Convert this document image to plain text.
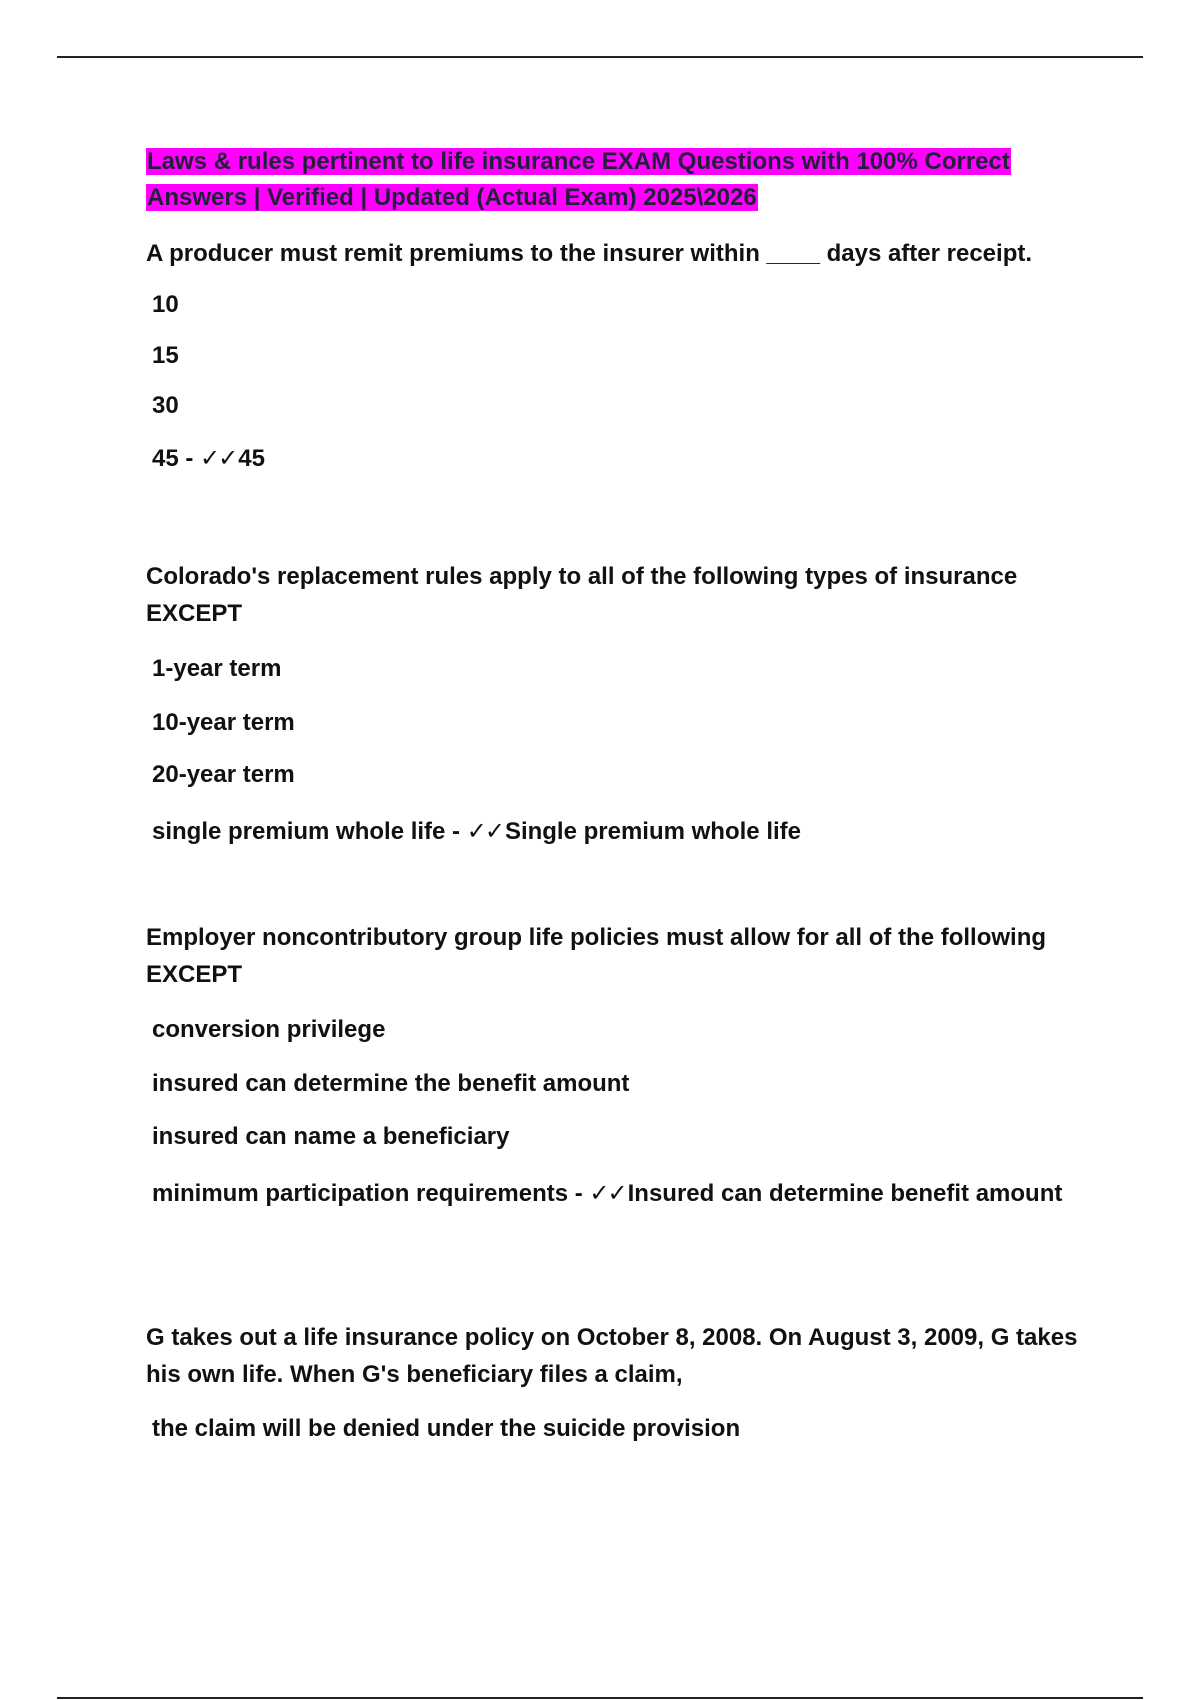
Laws & rules pertinent to life insurance EXAM Questions with 100% Correct Answers | Verified | Updated (Actual Exam) 2025\2026
A producer must remit premiums to the insurer within ____ days after receipt.
10
15
30
45 - ✓✓45
Colorado's replacement rules apply to all of the following types of insurance EXCEPT
1-year term
10-year term
20-year term
single premium whole life - ✓✓Single premium whole life
Employer noncontributory group life policies must allow for all of the following EXCEPT
conversion privilege
insured can determine the benefit amount
insured can name a beneficiary
minimum participation requirements - ✓✓Insured can determine benefit amount
G takes out a life insurance policy on October 8, 2008. On August 3, 2009, G takes his own life. When G's beneficiary files a claim,
the claim will be denied under the suicide provision
